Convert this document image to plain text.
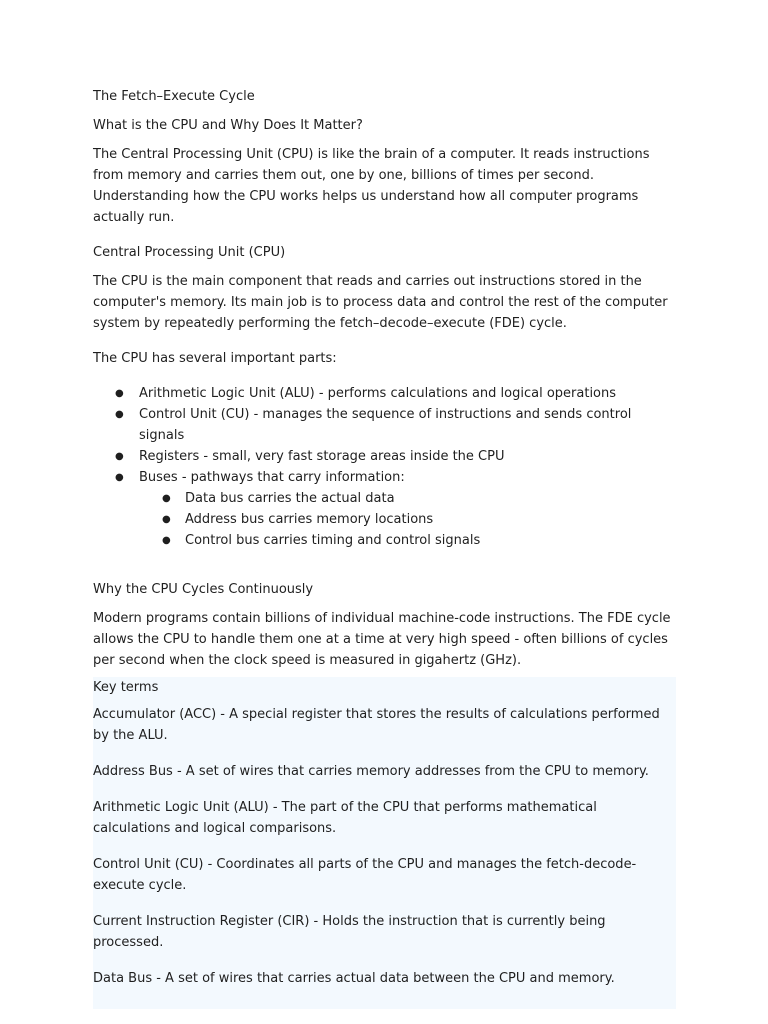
The Fetch–Execute Cycle
What is the CPU and Why Does It Matter?

The Central Processing Unit (CPU) is like the brain of a computer. It reads instructions from memory and carries them out, one by one, billions of times per second. Understanding how the CPU works helps us understand how all computer programs actually run.

Central Processing Unit (CPU)

The CPU is the main component that reads and carries out instructions stored in the computer's memory. Its main job is to process data and control the rest of the computer system by repeatedly performing the fetch–decode–execute (FDE) cycle.

The CPU has several important parts:

● Arithmetic Logic Unit (ALU) - performs calculations and logical operations
● Control Unit (CU) - manages the sequence of instructions and sends control signals
● Registers - small, very fast storage areas inside the CPU
● Buses - pathways that carry information:
● Data bus carries the actual data
● Address bus carries memory locations
● Control bus carries timing and control signals
Why the CPU Cycles Continuously

Modern programs contain billions of individual machine-code instructions. The FDE cycle allows the CPU to handle them one at a time at very high speed - often billions of cycles per second when the clock speed is measured in gigahertz (GHz).

Key terms

Accumulator (ACC) - A special register that stores the results of calculations performed by the ALU.

Address Bus - A set of wires that carries memory addresses from the CPU to memory.

Arithmetic Logic Unit (ALU) - The part of the CPU that performs mathematical calculations and logical comparisons.

Control Unit (CU) - Coordinates all parts of the CPU and manages the fetch-decode-execute cycle.

Current Instruction Register (CIR) - Holds the instruction that is currently being processed.

Data Bus - A set of wires that carries actual data between the CPU and memory.
